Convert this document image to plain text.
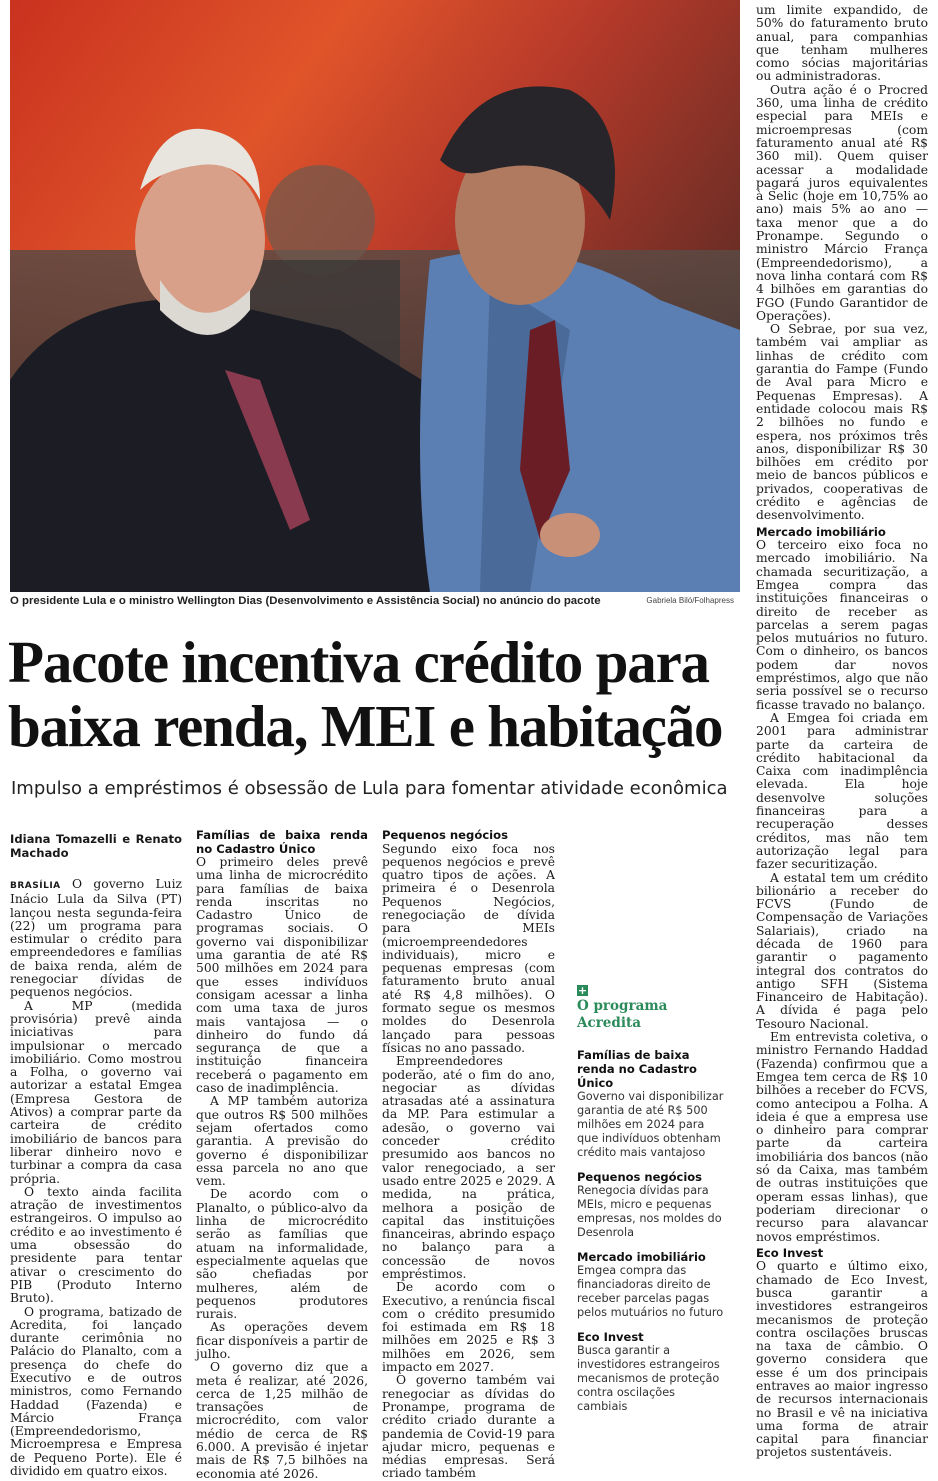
O presidente Lula e o ministro Wellington Dias (Desenvolvimento e Assistência Social) no anúncio do pacote	Gabriela Biló/Folhapress
Pacote incentiva crédito para baixa renda, MEI e habitação

Impulso a empréstimos é obsessão de Lula para fomentar atividade econômica

Idiana Tomazelli e Renato Machado

BRASÍLIA O governo Luiz Inácio Lula da Silva (PT) lançou nesta segunda-feira (22) um programa para estimular o crédito para empreendedores e famílias de baixa renda, além de renegociar dívidas de pequenos negócios.

A MP (medida provisória) prevê ainda iniciativas para impulsionar o mercado imobiliário. Como mostrou a Folha, o governo vai autorizar a estatal Emgea (Empresa Gestora de Ativos) a comprar parte da carteira de crédito imobiliário de bancos para liberar dinheiro novo e turbinar a compra da casa própria.

O texto ainda facilita atração de investimentos estrangeiros. O impulso ao crédito e ao investimento é uma obsessão do presidente para tentar ativar o crescimento do PIB (Produto Interno Bruto).

O programa, batizado de Acredita, foi lançado durante cerimônia no Palácio do Planalto, com a presença do chefe do Executivo e de outros ministros, como Fernando Haddad (Fazenda) e Márcio França (Empreendedorismo, Microempresa e Empresa de Pequeno Porte). Ele é dividido em quatro eixos.

Famílias de baixa renda no Cadastro Único

O primeiro deles prevê uma linha de microcrédito para famílias de baixa renda inscritas no Cadastro Único de programas sociais. O governo vai disponibilizar uma garantia de até R$ 500 milhões em 2024 para que esses indivíduos consigam acessar a linha com uma taxa de juros mais vantajosa — o dinheiro do fundo dá segurança de que a instituição financeira receberá o pagamento em caso de inadimplência.

A MP também autoriza que outros R$ 500 milhões sejam ofertados como garantia. A previsão do governo é disponibilizar essa parcela no ano que vem.

De acordo com o Planalto, o público-alvo da linha de microcrédito serão as famílias que atuam na informalidade, especialmente aquelas que são chefiadas por mulheres, além de pequenos produtores rurais.

As operações devem ficar disponíveis a partir de julho.

O governo diz que a meta é realizar, até 2026, cerca de 1,25 milhão de transações de microcrédito, com valor médio de cerca de R$ 6.000. A previsão é injetar mais de R$ 7,5 bilhões na economia até 2026.

Pequenos negócios

Segundo eixo foca nos pequenos negócios e prevê quatro tipos de ações. A primeira é o Desenrola Pequenos Negócios, renegociação de dívida para MEIs (microempreendedores individuais), micro e pequenas empresas (com faturamento bruto anual até R$ 4,8 milhões). O formato segue os mesmos moldes do Desenrola lançado para pessoas físicas no ano passado.

Empreendedores poderão, até o fim do ano, negociar as dívidas atrasadas até a assinatura da MP. Para estimular a adesão, o governo vai conceder crédito presumido aos bancos no valor renegociado, a ser usado entre 2025 e 2029. A medida, na prática, melhora a posição de capital das instituições financeiras, abrindo espaço no balanço para a concessão de novos empréstimos.

De acordo com o Executivo, a renúncia fiscal com o crédito presumido foi estimada em R$ 18 milhões em 2025 e R$ 3 milhões em 2026, sem impacto em 2027.

O governo também vai renegociar as dívidas do Pronampe, programa de crédito criado durante a pandemia de Covid-19 para ajudar micro, pequenas e médias empresas. Será criado também

+
O programa Acredita
Famílias de baixa renda no Cadastro Único
Governo vai disponibilizar garantia de até R$ 500 milhões em 2024 para que indivíduos obtenham crédito mais vantajoso
Pequenos negócios
Renegocia dívidas para MEIs, micro e pequenas empresas, nos moldes do Desenrola
Mercado imobiliário
Emgea compra das financiadoras direito de receber parcelas pagas pelos mutuários no futuro
Eco Invest
Busca garantir a investidores estrangeiros mecanismos de proteção contra oscilações cambiais

um limite expandido, de 50% do faturamento bruto anual, para companhias que tenham mulheres como sócias majoritárias ou administradoras.

Outra ação é o Procred 360, uma linha de crédito especial para MEIs e microempresas (com faturamento anual até R$ 360 mil). Quem quiser acessar a modalidade pagará juros equivalentes à Selic (hoje em 10,75% ao ano) mais 5% ao ano — taxa menor que a do Pronampe. Segundo o ministro Márcio França (Empreendedorismo), a nova linha contará com R$ 4 bilhões em garantias do FGO (Fundo Garantidor de Operações).

O Sebrae, por sua vez, também vai ampliar as linhas de crédito com garantia do Fampe (Fundo de Aval para Micro e Pequenas Empresas). A entidade colocou mais R$ 2 bilhões no fundo e espera, nos próximos três anos, disponibilizar R$ 30 bilhões em crédito por meio de bancos públicos e privados, cooperativas de crédito e agências de desenvolvimento.

Mercado imobiliário

O terceiro eixo foca no mercado imobiliário. Na chamada securitização, a Emgea compra das instituições financeiras o direito de receber as parcelas a serem pagas pelos mutuários no futuro. Com o dinheiro, os bancos podem dar novos empréstimos, algo que não seria possível se o recurso ficasse travado no balanço.

A Emgea foi criada em 2001 para administrar parte da carteira de crédito habitacional da Caixa com inadimplência elevada. Ela hoje desenvolve soluções financeiras para a recuperação desses créditos, mas não tem autorização legal para fazer securitização.

A estatal tem um crédito bilionário a receber do FCVS (Fundo de Compensação de Variações Salariais), criado na década de 1960 para garantir o pagamento integral dos contratos do antigo SFH (Sistema Financeiro de Habitação). A dívida é paga pelo Tesouro Nacional.

Em entrevista coletiva, o ministro Fernando Haddad (Fazenda) confirmou que a Emgea tem cerca de R$ 10 bilhões a receber do FCVS, como antecipou a Folha. A ideia é que a empresa use o dinheiro para comprar parte da carteira imobiliária dos bancos (não só da Caixa, mas também de outras instituições que operam essas linhas), que poderiam direcionar o recurso para alavancar novos empréstimos.

Eco Invest

O quarto e último eixo, chamado de Eco Invest, busca garantir a investidores estrangeiros mecanismos de proteção contra oscilações bruscas na taxa de câmbio. O governo considera que esse é um dos principais entraves ao maior ingresso de recursos internacionais no Brasil e vê na iniciativa uma forma de atrair capital para financiar projetos sustentáveis.
